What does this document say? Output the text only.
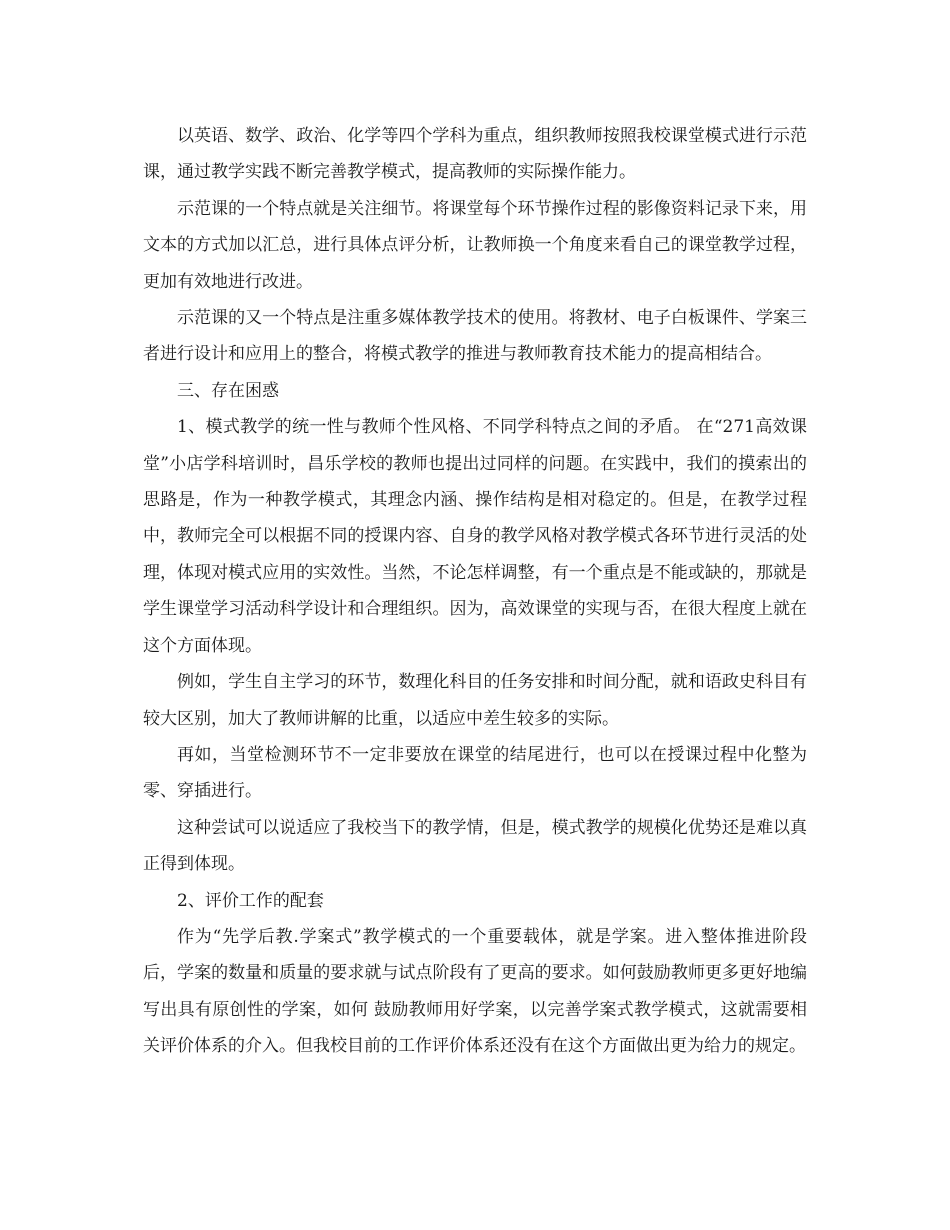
以英语、数学、政治、化学等四个学科为重点，组织教师按照我校课堂模式进行示范课，通过教学实践不断完善教学模式，提高教师的实际操作能力。

示范课的一个特点就是关注细节。将课堂每个环节操作过程的影像资料记录下来，用文本的方式加以汇总，进行具体点评分析，让教师换一个角度来看自己的课堂教学过程，更加有效地进行改进。

示范课的又一个特点是注重多媒体教学技术的使用。将教材、电子白板课件、学案三者进行设计和应用上的整合，将模式教学的推进与教师教育技术能力的提高相结合。

三、存在困惑

1、模式教学的统一性与教师个性风格、不同学科特点之间的矛盾。 在“271高效课堂”小店学科培训时，昌乐学校的教师也提出过同样的问题。在实践中，我们的摸索出的思路是，作为一种教学模式，其理念内涵、操作结构是相对稳定的。但是，在教学过程中，教师完全可以根据不同的授课内容、自身的教学风格对教学模式各环节进行灵活的处理，体现对模式应用的实效性。当然，不论怎样调整，有一个重点是不能或缺的，那就是学生课堂学习活动科学设计和合理组织。因为，高效课堂的实现与否，在很大程度上就在这个方面体现。

例如，学生自主学习的环节，数理化科目的任务安排和时间分配，就和语政史科目有较大区别，加大了教师讲解的比重，以适应中差生较多的实际。

再如，当堂检测环节不一定非要放在课堂的结尾进行，也可以在授课过程中化整为零、穿插进行。

这种尝试可以说适应了我校当下的教学情，但是，模式教学的规模化优势还是难以真正得到体现。

2、评价工作的配套

作为“先学后教.学案式”教学模式的一个重要载体，就是学案。进入整体推进阶段后，学案的数量和质量的要求就与试点阶段有了更高的要求。如何鼓励教师更多更好地编写出具有原创性的学案，如何 鼓励教师用好学案，以完善学案式教学模式，这就需要相关评价体系的介入。但我校目前的工作评价体系还没有在这个方面做出更为给力的规定。
